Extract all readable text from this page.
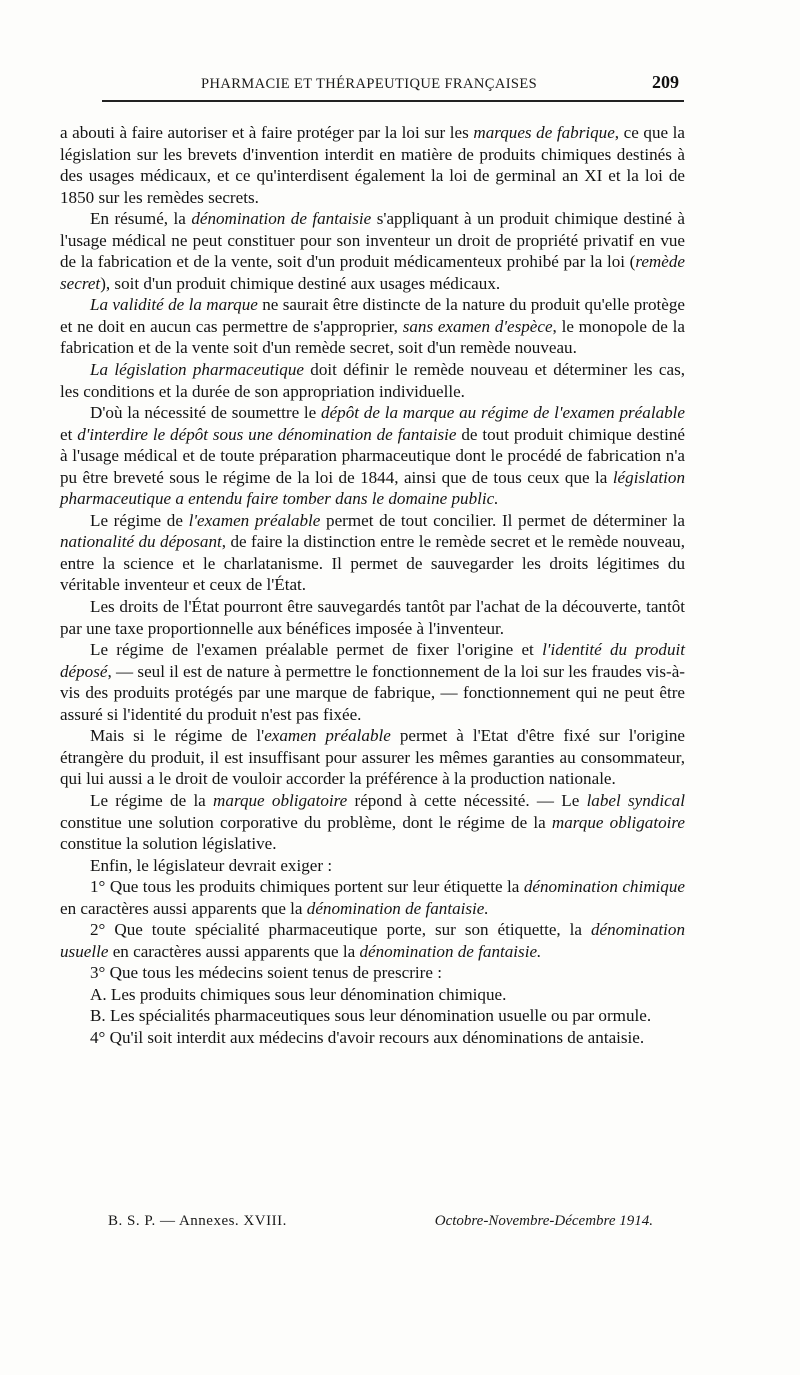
PHARMACIE ET THÉRAPEUTIQUE FRANÇAISES	209

a abouti à faire autoriser et à faire protéger par la loi sur les marques de fabrique, ce que la législation sur les brevets d'invention interdit en matière de produits chimiques destinés à des usages médicaux, et ce qu'interdisent également la loi de germinal an XI et la loi de 1850 sur les remèdes secrets.

En résumé, la dénomination de fantaisie s'appliquant à un produit chimique destiné à l'usage médical ne peut constituer pour son inventeur un droit de propriété privatif en vue de la fabrication et de la vente, soit d'un produit médicamenteux prohibé par la loi (remède secret), soit d'un produit chimique destiné aux usages médicaux.

La validité de la marque ne saurait être distincte de la nature du produit qu'elle protège et ne doit en aucun cas permettre de s'approprier, sans examen d'espèce, le monopole de la fabrication et de la vente soit d'un remède secret, soit d'un remède nouveau.

La législation pharmaceutique doit définir le remède nouveau et déterminer les cas, les conditions et la durée de son appropriation individuelle.

D'où la nécessité de soumettre le dépôt de la marque au régime de l'examen préalable et d'interdire le dépôt sous une dénomination de fantaisie de tout produit chimique destiné à l'usage médical et de toute préparation pharmaceutique dont le procédé de fabrication n'a pu être breveté sous le régime de la loi de 1844, ainsi que de tous ceux que la législation pharmaceutique a entendu faire tomber dans le domaine public.

Le régime de l'examen préalable permet de tout concilier. Il permet de déterminer la nationalité du déposant, de faire la distinction entre le remède secret et le remède nouveau, entre la science et le charlatanisme. Il permet de sauvegarder les droits légitimes du véritable inventeur et ceux de l'État.

Les droits de l'État pourront être sauvegardés tantôt par l'achat de la découverte, tantôt par une taxe proportionnelle aux bénéfices imposée à l'inventeur.

Le régime de l'examen préalable permet de fixer l'origine et l'identité du produit déposé, — seul il est de nature à permettre le fonctionnement de la loi sur les fraudes vis-à-vis des produits protégés par une marque de fabrique, — fonctionnement qui ne peut être assuré si l'identité du produit n'est pas fixée.

Mais si le régime de l'examen préalable permet à l'Etat d'être fixé sur l'origine étrangère du produit, il est insuffisant pour assurer les mêmes garanties au consommateur, qui lui aussi a le droit de vouloir accorder la préférence à la production nationale.

Le régime de la marque obligatoire répond à cette nécessité. — Le label syndical constitue une solution corporative du problème, dont le régime de la marque obligatoire constitue la solution législative.

Enfin, le législateur devrait exiger :

1° Que tous les produits chimiques portent sur leur étiquette la dénomination chimique en caractères aussi apparents que la dénomination de fantaisie.

2° Que toute spécialité pharmaceutique porte, sur son étiquette, la dénomination usuelle en caractères aussi apparents que la dénomination de fantaisie.

3° Que tous les médecins soient tenus de prescrire :

A. Les produits chimiques sous leur dénomination chimique.

B. Les spécialités pharmaceutiques sous leur dénomination usuelle ou par ormule.

4° Qu'il soit interdit aux médecins d'avoir recours aux dénominations de antaisie.

B. S. P. — Annexes. XVIII.	Octobre-Novembre-Décembre 1914.
